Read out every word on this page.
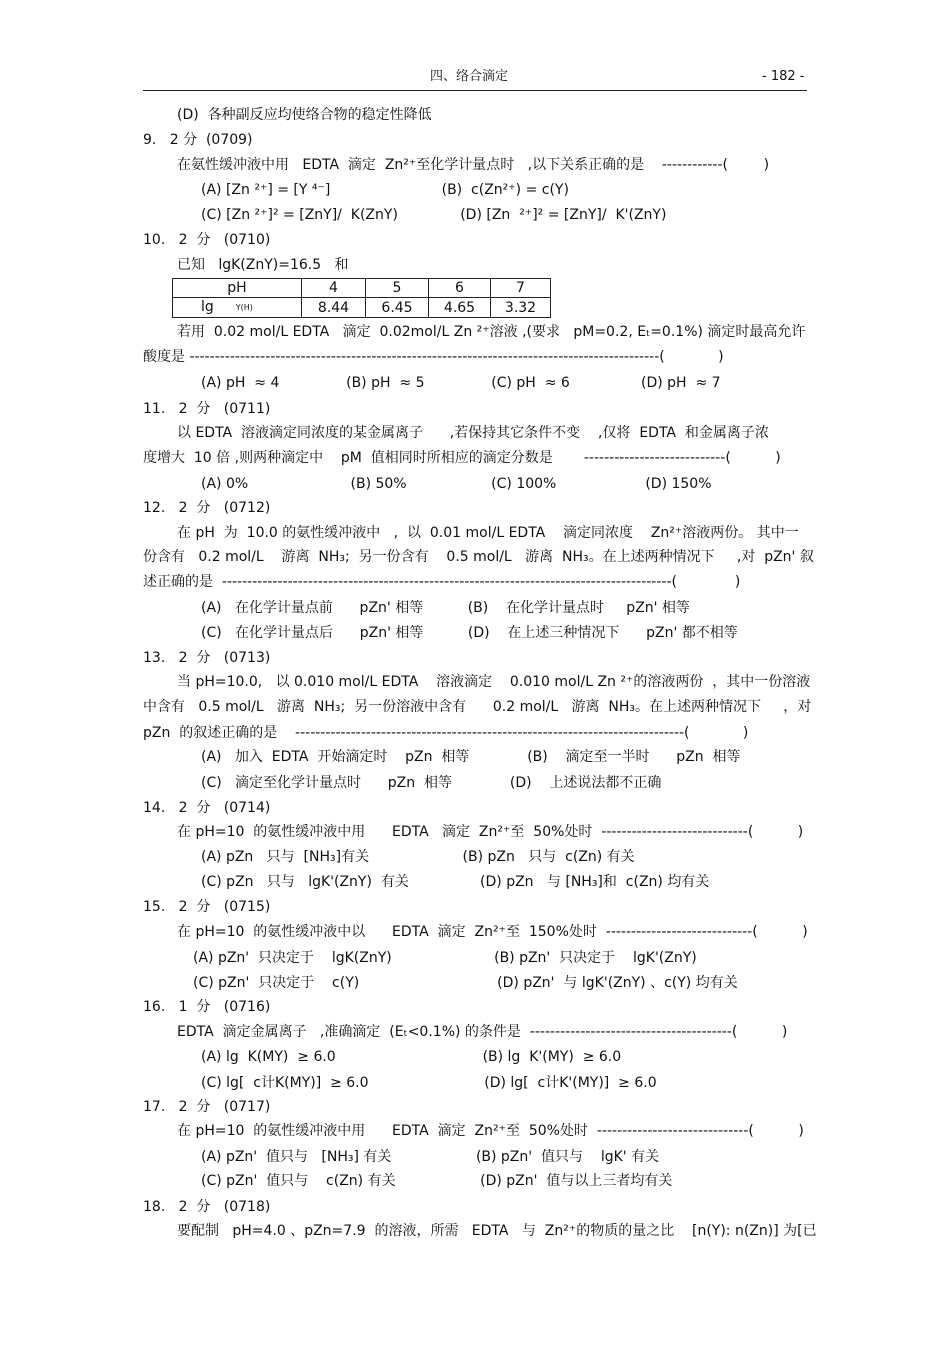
四、络合滴定	- 182 -
(D)  各种副反应均使络合物的稳定性降低
9.   2 分  (0709)
在氨性缓冲液中用   EDTA  滴定  Zn²⁺至化学计量点时   ,以下关系正确的是    ------------(        )
(A) [Zn ²⁺] = [Y ⁴⁻]                         (B)  c(Zn²⁺) = c(Y)
(C) [Zn ²⁺]² = [ZnY]/  K(ZnY)              (D) [Zn  ²⁺]² = [ZnY]/  K'(ZnY)
10.   2  分   (0710)
已知   lgK(ZnY)=16.5   和
若用  0.02 mol/L EDTA   滴定  0.02mol/L Zn ²⁺溶液 ,(要求   pM=0.2, Eₜ=0.1%) 滴定时最高允许
酸度是 ---------------------------------------------------------------------------------------------(            )
(A) pH  ≈ 4               (B) pH  ≈ 5               (C) pH  ≈ 6                (D) pH  ≈ 7
11.   2  分   (0711)
以 EDTA  溶液滴定同浓度的某金属离子      ,若保持其它条件不变    ,仅将  EDTA  和金属离子浓
度增大  10 倍 ,则两种滴定中    pM  值相同时所相应的滴定分数是       ----------------------------(          )
(A) 0%                       (B) 50%                   (C) 100%                    (D) 150%
12.   2  分   (0712)
在 pH  为  10.0 的氨性缓冲液中   ,  以  0.01 mol/L EDTA    滴定同浓度    Zn²⁺溶液两份。 其中一
份含有   0.2 mol/L    游离  NH₃;  另一份含有    0.5 mol/L   游离  NH₃。在上述两种情况下     ,对  pZn' 叙
述正确的是  -----------------------------------------------------------------------------------------(             )
(A)   在化学计量点前      pZn' 相等          (B)    在化学计量点时     pZn' 相等
(C)   在化学计量点后      pZn' 相等          (D)    在上述三种情况下      pZn' 都不相等
13.   2  分   (0713)
当 pH=10.0,   以 0.010 mol/L EDTA    溶液滴定    0.010 mol/L Zn ²⁺的溶液两份  ，其中一份溶液
中含有   0.5 mol/L   游离  NH₃;  另一份溶液中含有      0.2 mol/L   游离  NH₃。在上述两种情况下     ，对
pZn  的叙述正确的是    -----------------------------------------------------------------------------(            )
(A)   加入  EDTA  开始滴定时    pZn  相等             (B)    滴定至一半时      pZn  相等
(C)   滴定至化学计量点时      pZn  相等             (D)    上述说法都不正确
14.   2  分   (0714)
在 pH=10  的氨性缓冲液中用      EDTA   滴定  Zn²⁺至  50%处时  -----------------------------(          )
(A) pZn   只与  [NH₃]有关                     (B) pZn   只与  c(Zn) 有关
(C) pZn   只与   lgK'(ZnY)  有关                (D) pZn   与 [NH₃]和  c(Zn) 均有关
15.   2  分   (0715)
在 pH=10  的氨性缓冲液中以      EDTA  滴定  Zn²⁺至  150%处时  -----------------------------(          )
(A) pZn'  只决定于    lgK(ZnY)                       (B) pZn'  只决定于    lgK'(ZnY)
(C) pZn'  只决定于    c(Y)                               (D) pZn'  与 lgK'(ZnY) 、c(Y) 均有关
16.   1  分   (0716)
EDTA  滴定金属离子   ,准确滴定  (Eₜ<0.1%) 的条件是  ----------------------------------------(          )
(A) lg  K(MY)  ≥ 6.0                                 (B) lg  K'(MY)  ≥ 6.0
(C) lg[  c计K(MY)]  ≥ 6.0                          (D) lg[  c计K'(MY)]  ≥ 6.0
17.   2  分   (0717)
在 pH=10  的氨性缓冲液中用      EDTA  滴定  Zn²⁺至  50%处时  ------------------------------(          )
(A) pZn'  值只与   [NH₃] 有关                   (B) pZn'  值只与    lgK' 有关
(C) pZn'  值只与    c(Zn) 有关                   (D) pZn'  值与以上三者均有关
18.   2  分   (0718)
要配制   pH=4.0 、pZn=7.9  的溶液，所需   EDTA   与  Zn²⁺的物质的量之比    [n(Y): n(Zn)] 为[已
pH	4	5	6	7
lg Y(H)	8.44	6.45	4.65	3.32
